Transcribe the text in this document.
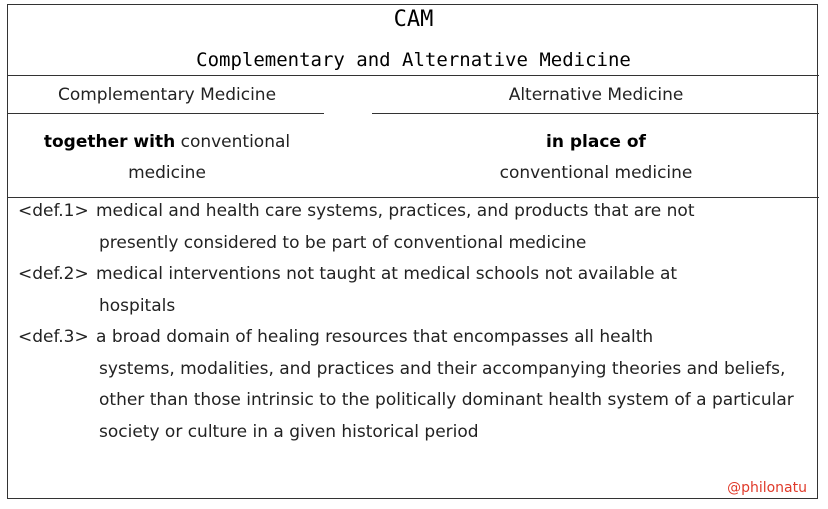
CAM
Complementary and Alternative Medicine
Complementary Medicine	Alternative Medicine
together with conventional
medicine
in place of
conventional medicine
<def.1> medical and health care systems, practices, and products that are not
presently considered to be part of conventional medicine
<def.2> medical interventions not taught at medical schools not available at
hospitals
<def.3> a broad domain of healing resources that encompasses all health
systems, modalities, and practices and their accompanying theories and beliefs, other than those intrinsic to the politically dominant health system of a particular society or culture in a given historical period
@philonatu
